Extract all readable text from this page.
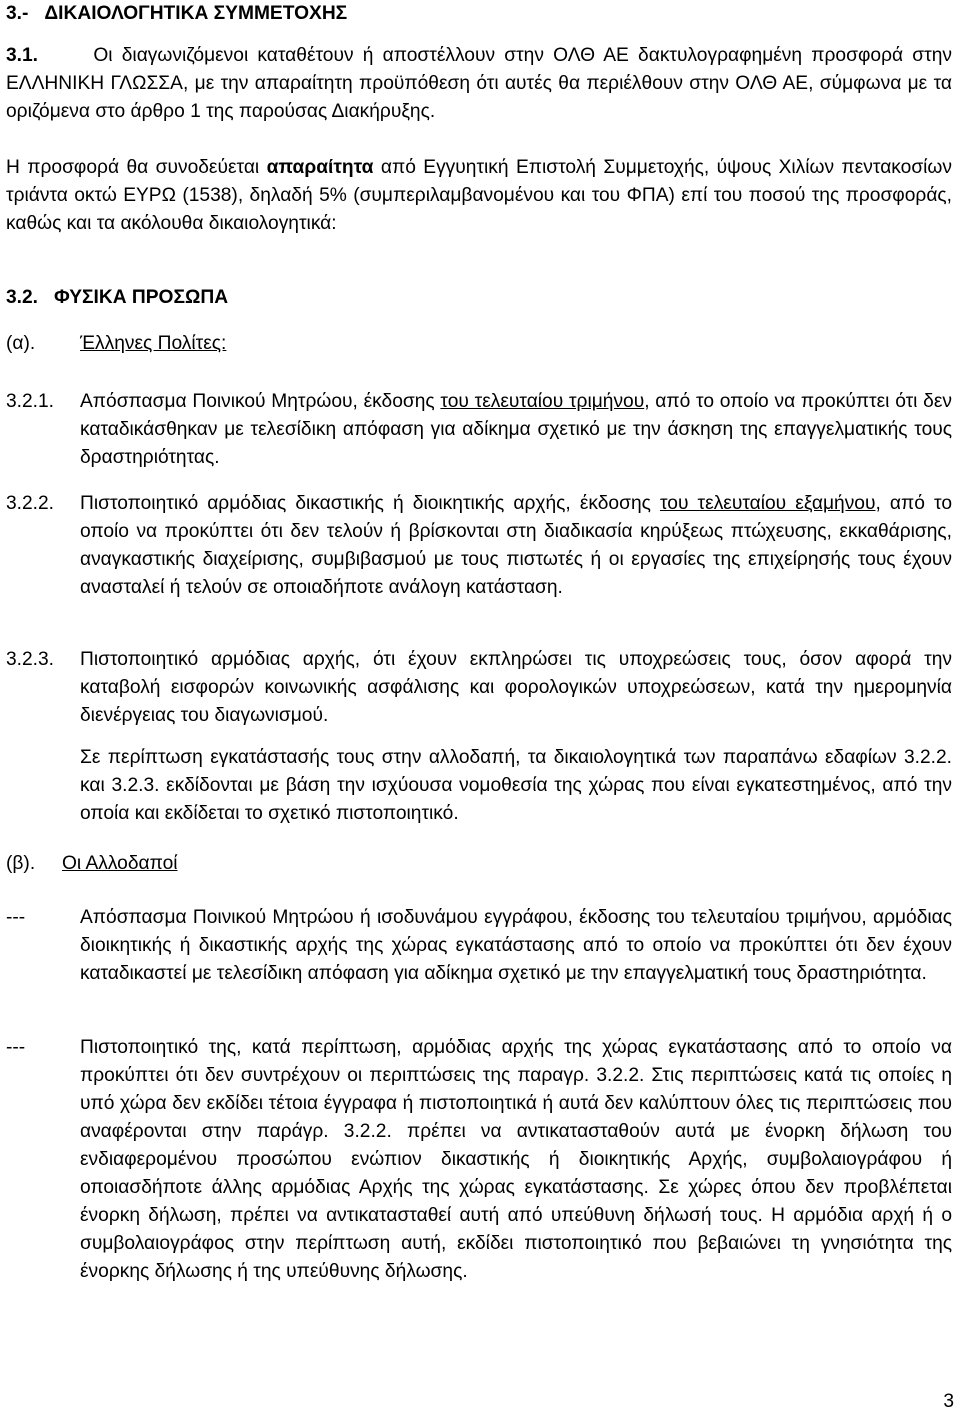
3.-   ΔΙΚΑΙΟΛΟΓΗΤΙΚΑ ΣΥΜΜΕΤΟΧΗΣ
3.1.	Οι διαγωνιζόμενοι καταθέτουν ή αποστέλλουν στην ΟΛΘ ΑΕ δακτυλογραφημένη προσφορά στην ΕΛΛΗΝΙΚΗ ΓΛΩΣΣΑ, με την απαραίτητη προϋπόθεση ότι αυτές θα περιέλθουν στην ΟΛΘ ΑΕ, σύμφωνα με τα οριζόμενα στο άρθρο 1 της παρούσας Διακήρυξης.
Η προσφορά θα συνοδεύεται απαραίτητα από Εγγυητική Επιστολή Συμμετοχής, ύψους Χιλίων πεντακοσίων τριάντα οκτώ ΕΥΡΩ (1538), δηλαδή 5% (συμπεριλαμβανομένου και του ΦΠΑ) επί του ποσού της προσφοράς, καθώς και τα ακόλουθα δικαιολογητικά:
3.2.   ΦΥΣΙΚΑ ΠΡΟΣΩΠΑ
(α). Έλληνες Πολίτες:
3.2.1. Απόσπασμα Ποινικού Μητρώου, έκδοσης του τελευταίου τριμήνου, από το οποίο να προκύπτει ότι δεν καταδικάσθηκαν με τελεσίδικη απόφαση για αδίκημα σχετικό με την άσκηση της επαγγελματικής τους δραστηριότητας.
3.2.2. Πιστοποιητικό αρμόδιας δικαστικής ή διοικητικής αρχής, έκδοσης του τελευταίου εξαμήνου, από το οποίο να προκύπτει ότι δεν τελούν ή βρίσκονται στη διαδικασία κηρύξεως πτώχευσης, εκκαθάρισης, αναγκαστικής διαχείρισης, συμβιβασμού με τους πιστωτές ή οι εργασίες της επιχείρησής τους έχουν ανασταλεί ή τελούν σε οποιαδήποτε ανάλογη κατάσταση.
3.2.3. Πιστοποιητικό αρμόδιας αρχής, ότι έχουν εκπληρώσει τις υποχρεώσεις τους, όσον αφορά την καταβολή εισφορών κοινωνικής ασφάλισης και φορολογικών υποχρεώσεων, κατά την ημερομηνία διενέργειας του διαγωνισμού.
Σε περίπτωση εγκατάστασής τους στην αλλοδαπή, τα δικαιολογητικά των παραπάνω εδαφίων 3.2.2. και 3.2.3. εκδίδονται με βάση την ισχύουσα νομοθεσία της χώρας που είναι εγκατεστημένος, από την οποία και εκδίδεται το σχετικό πιστοποιητικό.
(β). Οι Αλλοδαποί
---	Απόσπασμα Ποινικού Μητρώου ή ισοδυνάμου εγγράφου, έκδοσης του τελευταίου τριμήνου, αρμόδιας διοικητικής ή δικαστικής αρχής της χώρας εγκατάστασης από το οποίο να προκύπτει ότι δεν έχουν καταδικαστεί με τελεσίδικη απόφαση για αδίκημα σχετικό με την επαγγελματική τους δραστηριότητα.
---	Πιστοποιητικό της, κατά περίπτωση, αρμόδιας αρχής της χώρας εγκατάστασης από το οποίο να προκύπτει ότι δεν συντρέχουν οι περιπτώσεις της παραγρ. 3.2.2. Στις περιπτώσεις κατά τις οποίες η υπό χώρα δεν εκδίδει τέτοια έγγραφα ή πιστοποιητικά ή αυτά δεν καλύπτουν όλες τις περιπτώσεις που αναφέρονται στην παράγρ. 3.2.2. πρέπει να αντικατασταθούν αυτά με ένορκη δήλωση του ενδιαφερομένου προσώπου ενώπιον δικαστικής ή διοικητικής Αρχής, συμβολαιογράφου ή οποιασδήποτε άλλης αρμόδιας Αρχής της χώρας εγκατάστασης. Σε χώρες όπου δεν προβλέπεται ένορκη δήλωση, πρέπει να αντικατασταθεί αυτή από υπεύθυνη δήλωσή τους. Η αρμόδια αρχή ή ο συμβολαιογράφος στην περίπτωση αυτή, εκδίδει πιστοποιητικό που βεβαιώνει τη γνησιότητα της ένορκης δήλωσης ή της υπεύθυνης δήλωσης.
3
